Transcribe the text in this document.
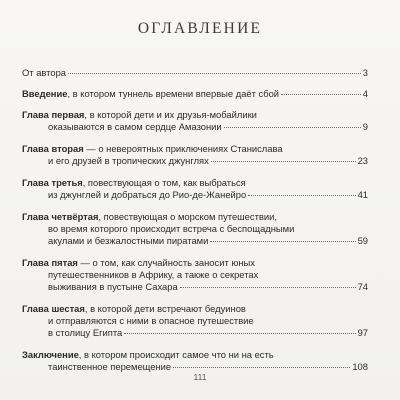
ОГЛАВЛЕНИЕ
От автора	3
Введение, в котором туннель времени впервые даёт сбой	4
Глава первая, в которой дети и их друзья-мобайлики
оказываются в самом сердце Амазонии	9
Глава вторая — о невероятных приключениях Станислава
и его друзей в тропических джунглях	23
Глава третья, повествующая о том, как выбраться
из джунглей и добраться до Рио-де-Жанейро	41
Глава четвёртая, повествующая о морском путешествии,
во время которого происходит встреча с беспощадными
акулами и безжалостными пиратами	59
Глава пятая — о том, как случайность заносит юных
путешественников в Африку, а также о секретах
выживания в пустыне Сахара	74
Глава шестая, в которой дети встречают бедуинов
и отправляются с ними в опасное путешествие
в столицу Египта	97
Заключение, в котором происходит самое что ни на есть
таинственное перемещение	108
111
